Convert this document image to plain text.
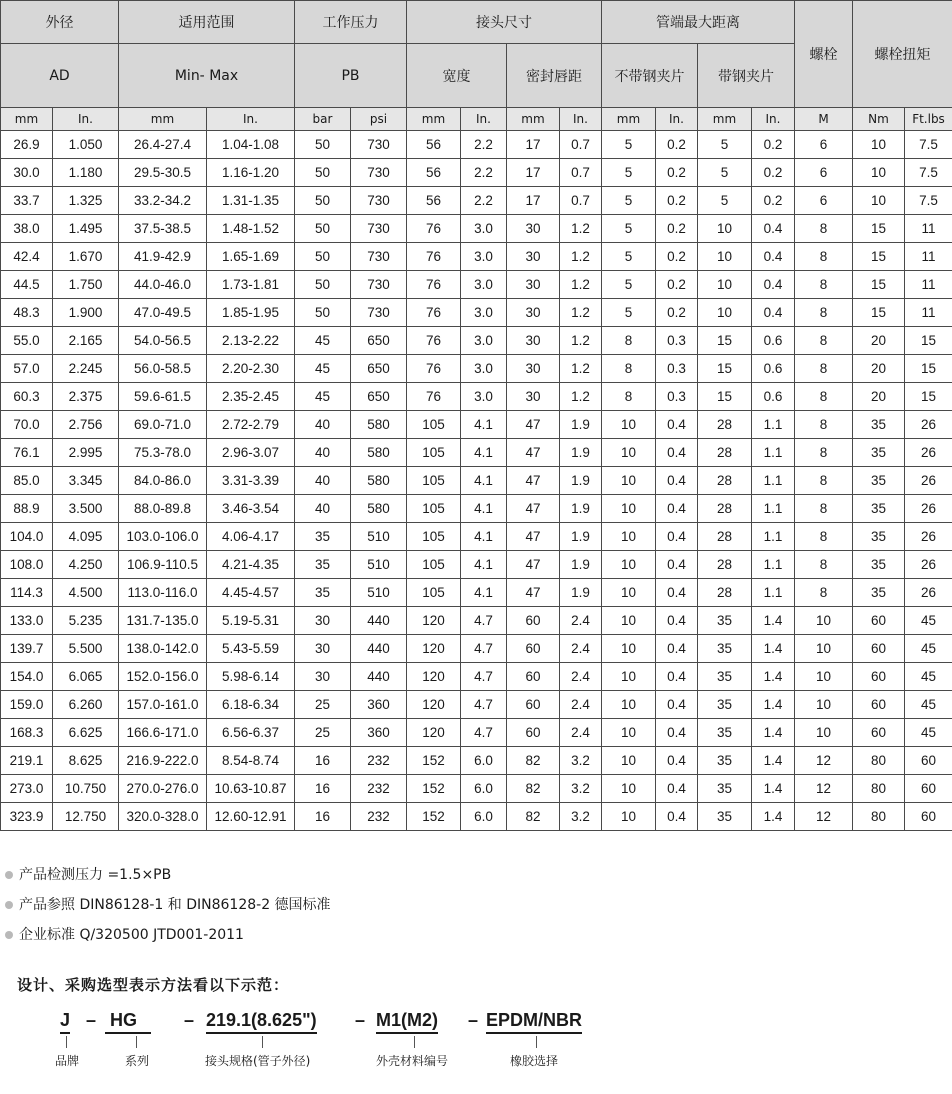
外径		适用范围		工作压力		接头尺寸				管端最大距离				螺栓	螺栓扭矩	
AD		Min- Max		PB		宽度		密封唇距		不带钢夹片		带钢夹片				
mm	In.	mm	In.	bar	psi	mm	In.	mm	In.	mm	In.	mm	In.	M	Nm	Ft.lbs
26.9	1.050	26.4-27.4	1.04-1.08	50	730	56	2.2	17	0.7	5	0.2	5	0.2	6	10	7.5
30.0	1.180	29.5-30.5	1.16-1.20	50	730	56	2.2	17	0.7	5	0.2	5	0.2	6	10	7.5
33.7	1.325	33.2-34.2	1.31-1.35	50	730	56	2.2	17	0.7	5	0.2	5	0.2	6	10	7.5
38.0	1.495	37.5-38.5	1.48-1.52	50	730	76	3.0	30	1.2	5	0.2	10	0.4	8	15	11
42.4	1.670	41.9-42.9	1.65-1.69	50	730	76	3.0	30	1.2	5	0.2	10	0.4	8	15	11
44.5	1.750	44.0-46.0	1.73-1.81	50	730	76	3.0	30	1.2	5	0.2	10	0.4	8	15	11
48.3	1.900	47.0-49.5	1.85-1.95	50	730	76	3.0	30	1.2	5	0.2	10	0.4	8	15	11
55.0	2.165	54.0-56.5	2.13-2.22	45	650	76	3.0	30	1.2	8	0.3	15	0.6	8	20	15
57.0	2.245	56.0-58.5	2.20-2.30	45	650	76	3.0	30	1.2	8	0.3	15	0.6	8	20	15
60.3	2.375	59.6-61.5	2.35-2.45	45	650	76	3.0	30	1.2	8	0.3	15	0.6	8	20	15
70.0	2.756	69.0-71.0	2.72-2.79	40	580	105	4.1	47	1.9	10	0.4	28	1.1	8	35	26
76.1	2.995	75.3-78.0	2.96-3.07	40	580	105	4.1	47	1.9	10	0.4	28	1.1	8	35	26
85.0	3.345	84.0-86.0	3.31-3.39	40	580	105	4.1	47	1.9	10	0.4	28	1.1	8	35	26
88.9	3.500	88.0-89.8	3.46-3.54	40	580	105	4.1	47	1.9	10	0.4	28	1.1	8	35	26
104.0	4.095	103.0-106.0	4.06-4.17	35	510	105	4.1	47	1.9	10	0.4	28	1.1	8	35	26
108.0	4.250	106.9-110.5	4.21-4.35	35	510	105	4.1	47	1.9	10	0.4	28	1.1	8	35	26
114.3	4.500	113.0-116.0	4.45-4.57	35	510	105	4.1	47	1.9	10	0.4	28	1.1	8	35	26
133.0	5.235	131.7-135.0	5.19-5.31	30	440	120	4.7	60	2.4	10	0.4	35	1.4	10	60	45
139.7	5.500	138.0-142.0	5.43-5.59	30	440	120	4.7	60	2.4	10	0.4	35	1.4	10	60	45
154.0	6.065	152.0-156.0	5.98-6.14	30	440	120	4.7	60	2.4	10	0.4	35	1.4	10	60	45
159.0	6.260	157.0-161.0	6.18-6.34	25	360	120	4.7	60	2.4	10	0.4	35	1.4	10	60	45
168.3	6.625	166.6-171.0	6.56-6.37	25	360	120	4.7	60	2.4	10	0.4	35	1.4	10	60	45
219.1	8.625	216.9-222.0	8.54-8.74	16	232	152	6.0	82	3.2	10	0.4	35	1.4	12	80	60
273.0	10.750	270.0-276.0	10.63-10.87	16	232	152	6.0	82	3.2	10	0.4	35	1.4	12	80	60
323.9	12.750	320.0-328.0	12.60-12.91	16	232	152	6.0	82	3.2	10	0.4	35	1.4	12	80	60
产品检测压力 =1.5×PB
产品参照 DIN86128-1 和 DIN86128-2 德国标准
企业标准 Q/320500 JTD001-2011
设计、采购选型表示方法看以下示范：
J – HG	– 219.1(8.625") – M1(M2) – EPDM/NBR
品牌	系列	接头规格(管子外径)	外壳材料编号	橡胶选择
